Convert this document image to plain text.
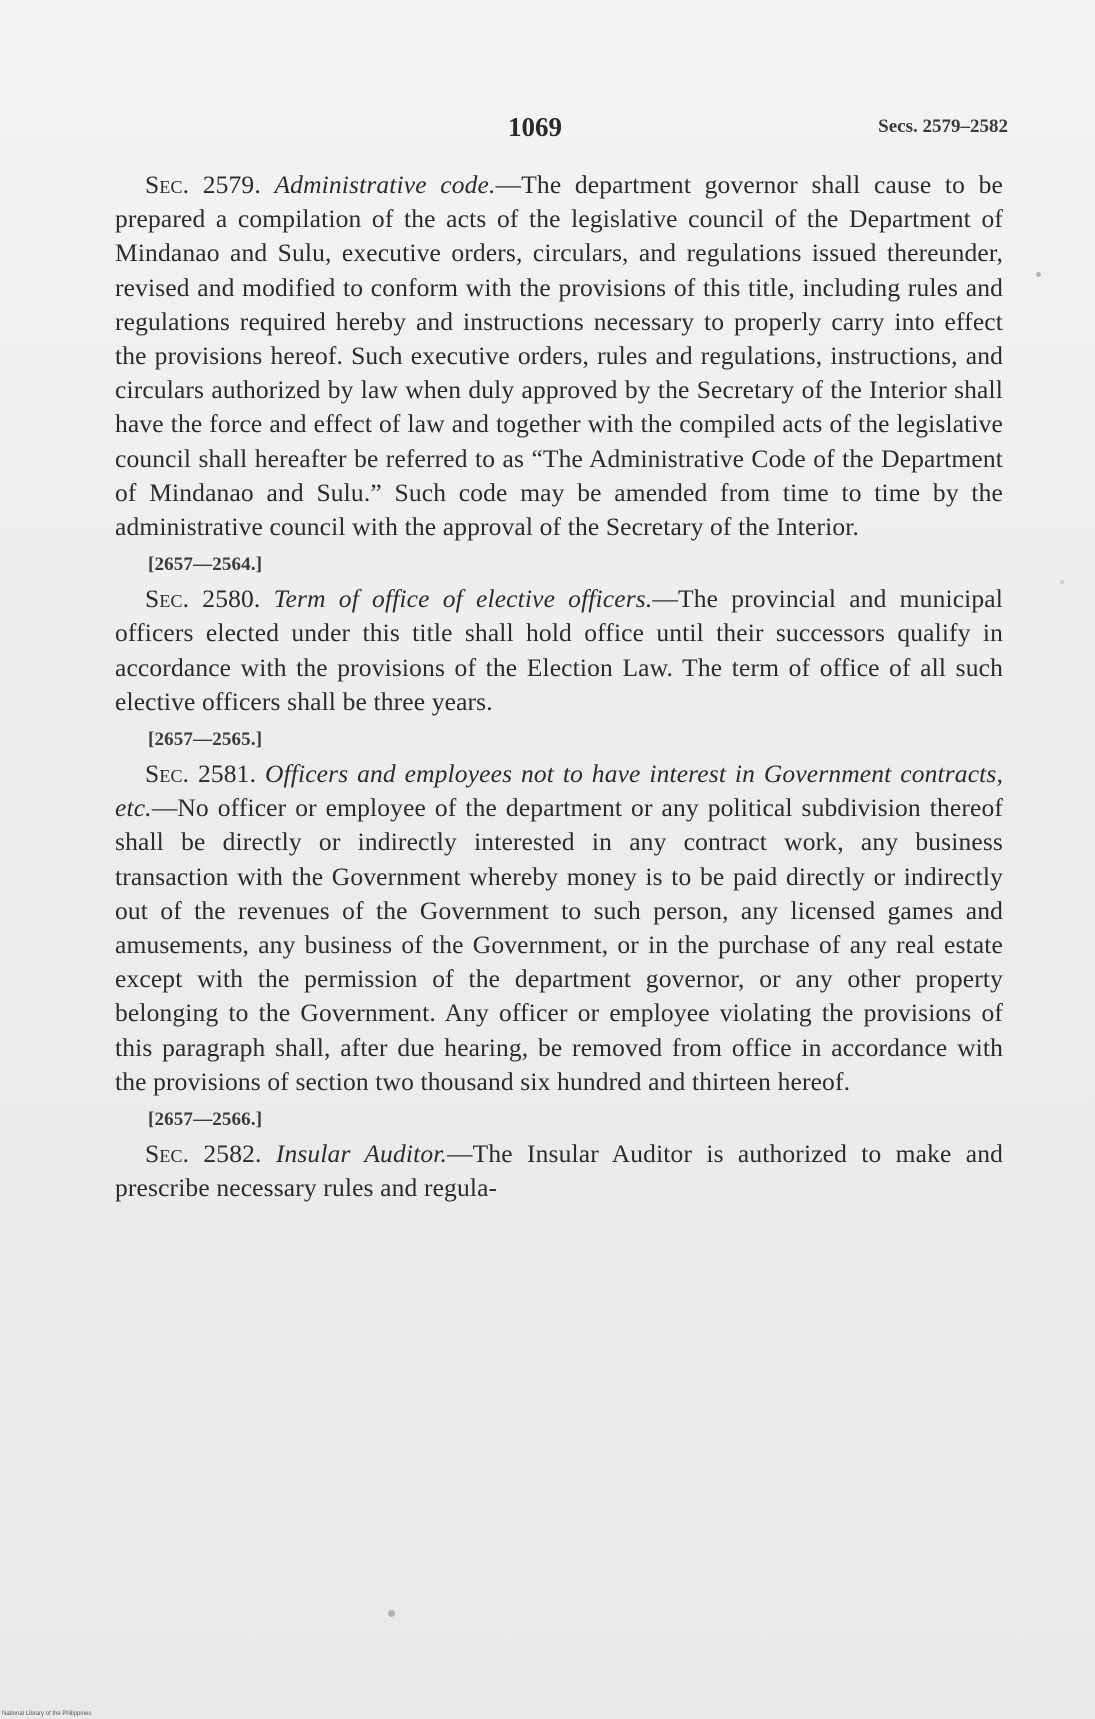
1069	Secs. 2579–2582

Sec. 2579. Administrative code.—The department governor shall cause to be prepared a compilation of the acts of the legislative council of the Department of Mindanao and Sulu, executive orders, circulars, and regulations issued thereunder, revised and modified to conform with the provisions of this title, including rules and regulations required hereby and instructions necessary to properly carry into effect the provisions hereof. Such executive orders, rules and regulations, instructions, and circulars authorized by law when duly approved by the Secretary of the Interior shall have the force and effect of law and together with the compiled acts of the legislative council shall hereafter be referred to as “The Administrative Code of the Department of Mindanao and Sulu.” Such code may be amended from time to time by the administrative council with the approval of the Secretary of the Interior.

[2657—2564.]

Sec. 2580. Term of office of elective officers.—The provincial and municipal officers elected under this title shall hold office until their successors qualify in accordance with the provisions of the Election Law. The term of office of all such elective officers shall be three years.

[2657—2565.]

Sec. 2581. Officers and employees not to have interest in Government contracts, etc.—No officer or employee of the department or any political subdivision thereof shall be directly or indirectly interested in any contract work, any business transaction with the Government whereby money is to be paid directly or indirectly out of the revenues of the Government to such person, any licensed games and amusements, any business of the Government, or in the purchase of any real estate except with the permission of the department governor, or any other property belonging to the Government. Any officer or employee violating the provisions of this paragraph shall, after due hearing, be removed from office in accordance with the provisions of section two thousand six hundred and thirteen hereof.

[2657—2566.]

Sec. 2582. Insular Auditor.—The Insular Auditor is authorized to make and prescribe necessary rules and regula-

National Library of the Philippines
